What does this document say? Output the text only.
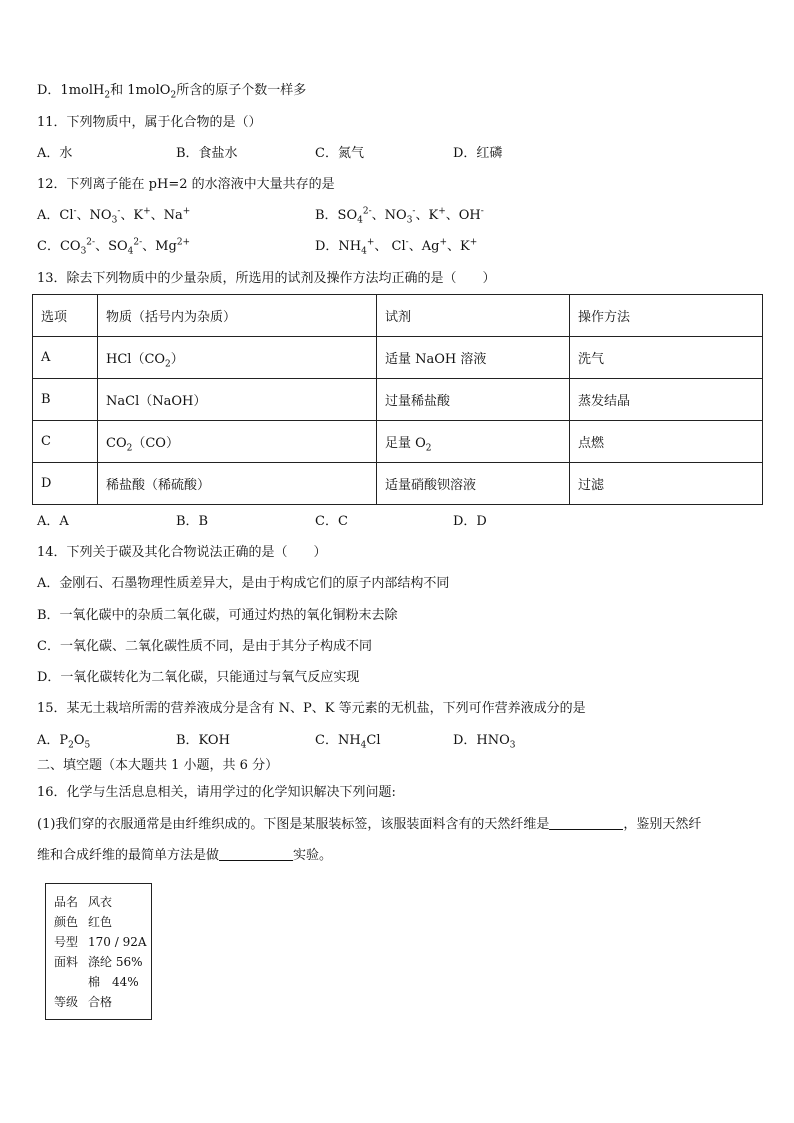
D．1molH$_2$和 1molO$_2$所含的原子个数一样多
11．下列物质中，属于化合物的是（）
A．水	B．食盐水	C．氮气	D．红磷
12．下列离子能在 pH=2 的水溶液中大量共存的是
A．Cl-、$NO_3^-$、K+、Na+	B．$SO_4^{2-}$、$NO_3^-$、K+、OH-
C．$CO_3^{2-}$、$SO_4^{2-}$、$Mg^{2+}$	D．$NH_4^+$、 Cl-、Ag+、K+
13．除去下列物质中的少量杂质，所选用的试剂及操作方法均正确的是（　　）
选项	物质（括号内为杂质）	试剂	操作方法
A	$HCl(CO_2)$	适量 NaOH 溶液	洗气
B	NaCl（NaOH）	过量稀盐酸	蒸发结晶
C	$CO_2(CO)$	足量 $O_2$	点燃
D	稀盐酸（稀硫酸）	适量硝酸钡溶液	过滤
A．A	B．B	C．C	D．D
14．下列关于碳及其化合物说法正确的是（　　）
A．金刚石、石墨物理性质差异大，是由于构成它们的原子内部结构不同
B．一氧化碳中的杂质二氧化碳，可通过灼热的氧化铜粉末去除
C．一氧化碳、二氧化碳性质不同，是由于其分子构成不同
D．一氧化碳转化为二氧化碳，只能通过与氧气反应实现
15．某无土栽培所需的营养液成分是含有 N、P、K 等元素的无机盐，下列可作营养液成分的是
A．$P_2O_5$	B．KOH	C．$NH_4Cl$	D．$HNO_3$
二、填空题（本大题共 1 小题，共 6 分）
16．化学与生活息息相关，请用学过的化学知识解决下列问题:
(1)我们穿的衣服通常是由纤维织成的。下图是某服装标签，该服装面料含有的天然纤维是	，鉴别天然纤
维和合成纤维的最简单方法是做	实验。
品名 风衣
颜色 红色
号型 170 / 92A
面料 涤纶 56%
棉　44%
等级 合格
